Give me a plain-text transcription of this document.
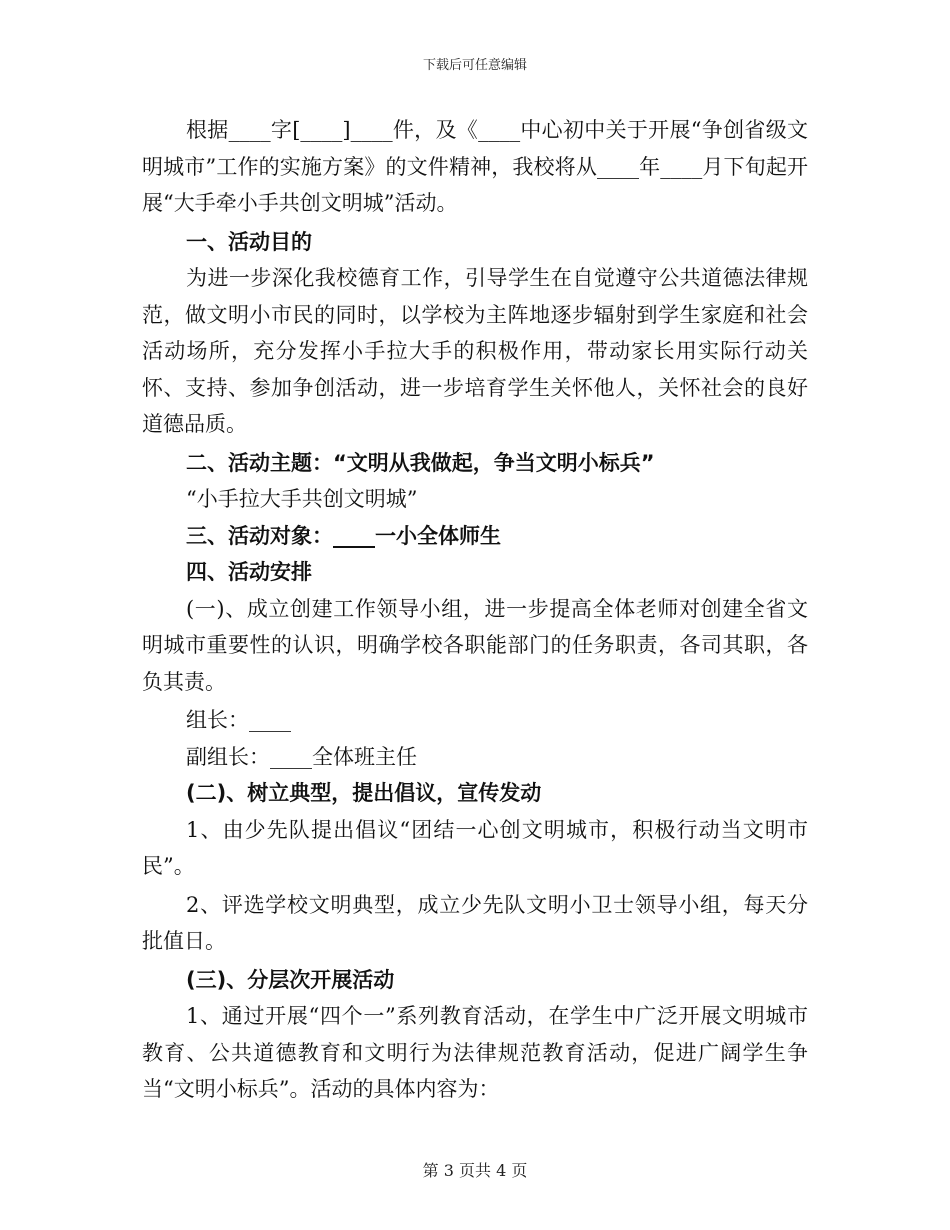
下载后可任意编辑

根据____字[____]____件，及《____中心初中关于开展“争创省级文明城市”工作的实施方案》的文件精神，我校将从____年____月下旬起开展“大手牵小手共创文明城”活动。

一、活动目的

为进一步深化我校德育工作，引导学生在自觉遵守公共道德法律规范，做文明小市民的同时，以学校为主阵地逐步辐射到学生家庭和社会活动场所，充分发挥小手拉大手的积极作用，带动家长用实际行动关怀、支持、参加争创活动，进一步培育学生关怀他人，关怀社会的良好道德品质。

二、活动主题：“文明从我做起，争当文明小标兵”

“小手拉大手共创文明城”

三、活动对象：____一小全体师生

四、活动安排

(一)、成立创建工作领导小组，进一步提高全体老师对创建全省文明城市重要性的认识，明确学校各职能部门的任务职责，各司其职，各负其责。

组长：____

副组长：____全体班主任

(二)、树立典型，提出倡议，宣传发动

1、由少先队提出倡议“团结一心创文明城市，积极行动当文明市民”。

2、评选学校文明典型，成立少先队文明小卫士领导小组，每天分批值日。

(三)、分层次开展活动

1、通过开展“四个一”系列教育活动，在学生中广泛开展文明城市教育、公共道德教育和文明行为法律规范教育活动，促进广阔学生争当“文明小标兵”。活动的具体内容为：

第 3 页共 4 页
